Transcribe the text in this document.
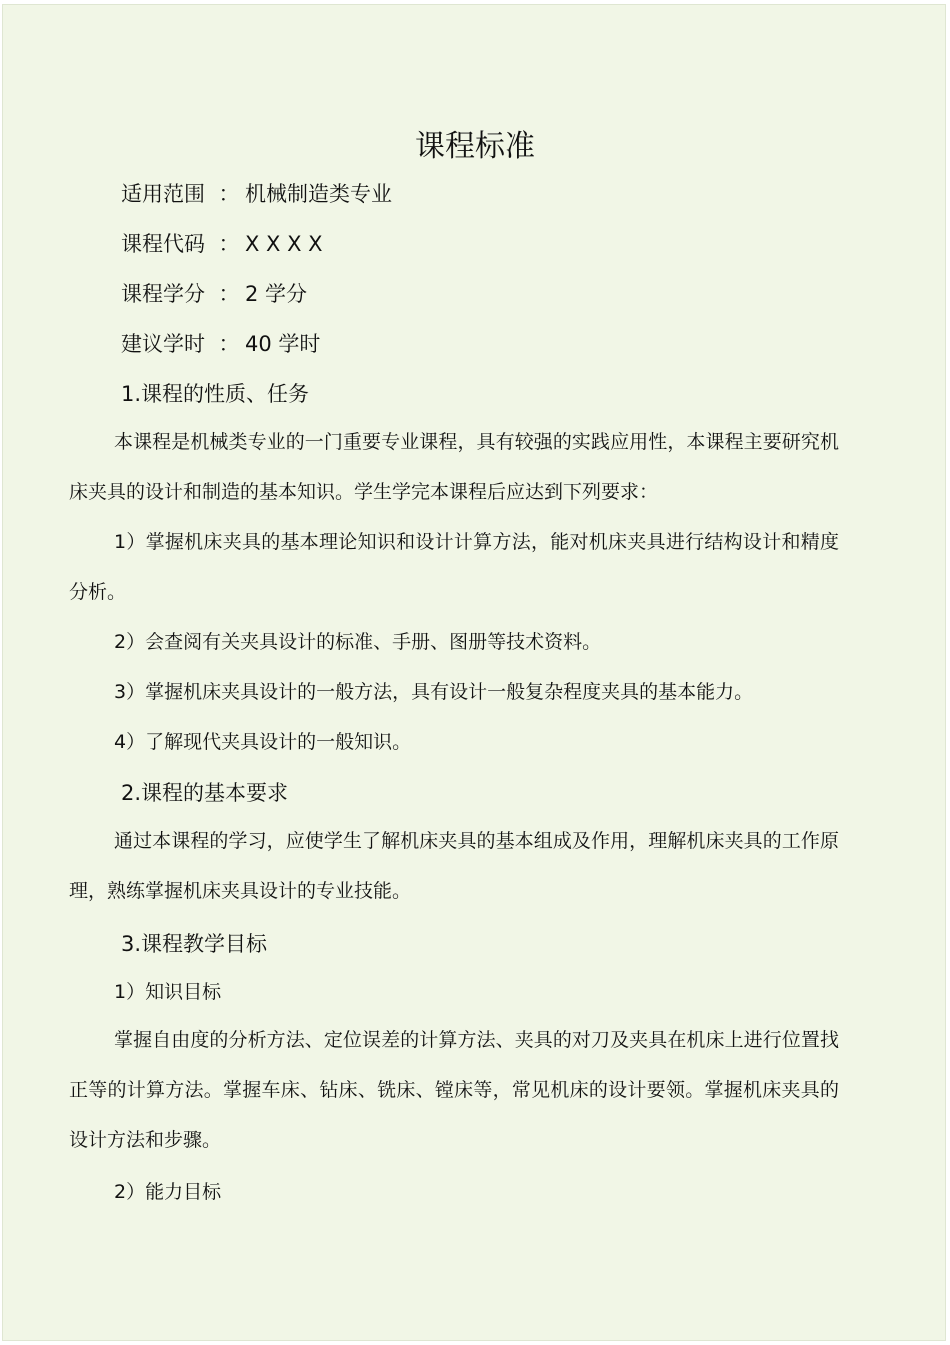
课程标准
适用范围 ： 机械制造类专业
课程代码 ： X X X X
课程学分 ： 2 学分
建议学时 ： 40 学时
1.课程的性质、任务

本课程是机械类专业的一门重要专业课程，具有较强的实践应用性，本课程主要研究机床夹具的设计和制造的基本知识。学生学完本课程后应达到下列要求：

1）掌握机床夹具的基本理论知识和设计计算方法，能对机床夹具进行结构设计和精度分析。

2）会查阅有关夹具设计的标准、手册、图册等技术资料。
3）掌握机床夹具设计的一般方法，具有设计一般复杂程度夹具的基本能力。
4）了解现代夹具设计的一般知识。
2.课程的基本要求

通过本课程的学习，应使学生了解机床夹具的基本组成及作用，理解机床夹具的工作原理，熟练掌握机床夹具设计的专业技能。

3.课程教学目标
1）知识目标

掌握自由度的分析方法、定位误差的计算方法、夹具的对刀及夹具在机床上进行位置找正等的计算方法。掌握车床、钻床、铣床、镗床等，常见机床的设计要领。掌握机床夹具的设计方法和步骤。

2）能力目标
